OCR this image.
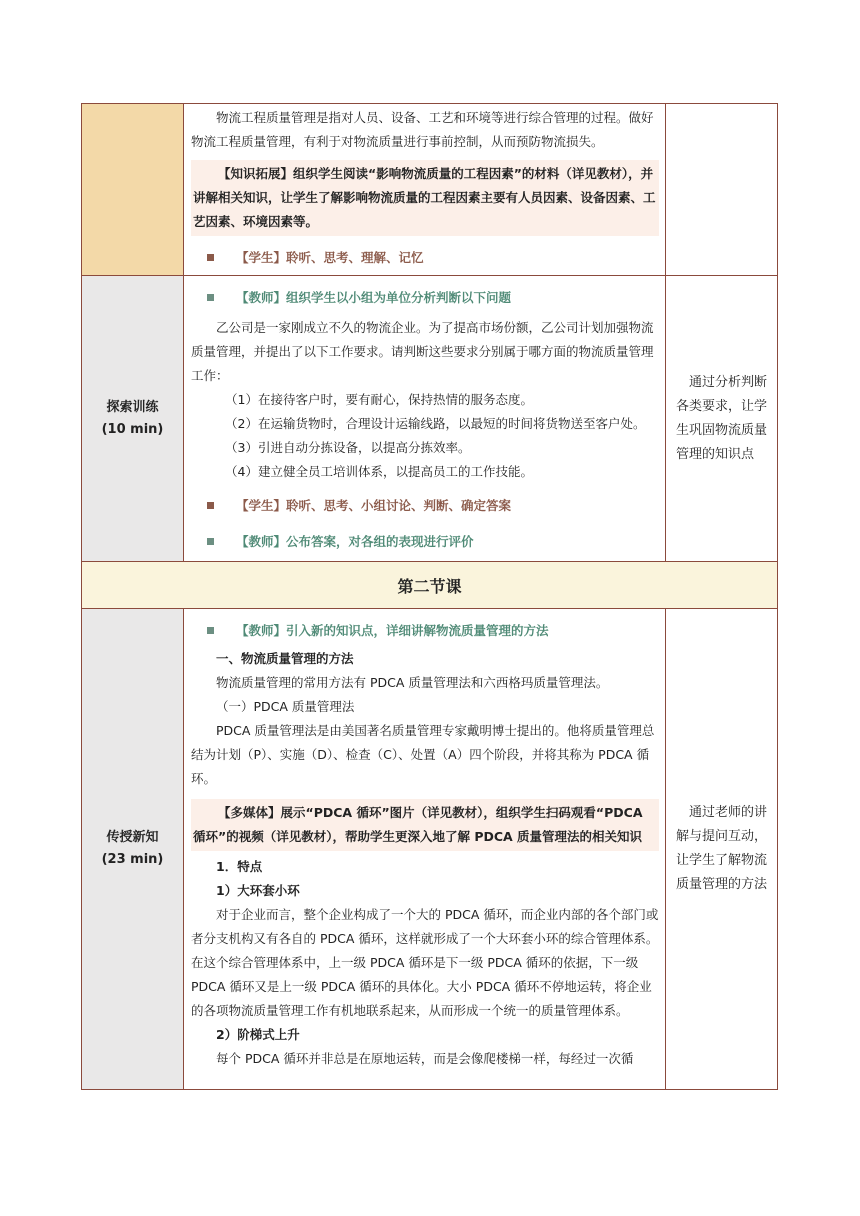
物流工程质量管理是指对人员、设备、工艺和环境等进行综合管理的过程。做好物流工程质量管理，有利于对物流质量进行事前控制，从而预防物流损失。

【知识拓展】组织学生阅读“影响物流质量的工程因素”的材料（详见教材），并讲解相关知识，让学生了解影响物流质量的工程因素主要有人员因素、设备因素、工艺因素、环境因素等。
【学生】聆听、思考、理解、记忆
探索训练
(10 min)
【教师】组织学生以小组为单位分析判断以下问题

乙公司是一家刚成立不久的物流企业。为了提高市场份额，乙公司计划加强物流质量管理，并提出了以下工作要求。请判断这些要求分别属于哪方面的物流质量管理工作：

（1）在接待客户时，要有耐心，保持热情的服务态度。

（2）在运输货物时，合理设计运输线路，以最短的时间将货物送至客户处。

（3）引进自动分拣设备，以提高分拣效率。

（4）建立健全员工培训体系，以提高员工的工作技能。

【学生】聆听、思考、小组讨论、判断、确定答案
【教师】公布答案，对各组的表现进行评价
通过分析判断各类要求，让学生巩固物流质量管理的知识点
第二节课
传授新知
(23 min)
【教师】引入新的知识点，详细讲解物流质量管理的方法

一、物流质量管理的方法

物流质量管理的常用方法有 PDCA 质量管理法和六西格玛质量管理法。

（一）PDCA 质量管理法

PDCA 质量管理法是由美国著名质量管理专家戴明博士提出的。他将质量管理总结为计划（P）、实施（D）、检查（C）、处置（A）四个阶段，并将其称为 PDCA 循环。

【多媒体】展示“PDCA 循环”图片（详见教材），组织学生扫码观看“PDCA 循环”的视频（详见教材），帮助学生更深入地了解 PDCA 质量管理法的相关知识

1．特点

1）大环套小环

对于企业而言，整个企业构成了一个大的 PDCA 循环，而企业内部的各个部门或者分支机构又有各自的 PDCA 循环，这样就形成了一个大环套小环的综合管理体系。在这个综合管理体系中，上一级 PDCA 循环是下一级 PDCA 循环的依据，下一级 PDCA 循环又是上一级 PDCA 循环的具体化。大小 PDCA 循环不停地运转，将企业的各项物流质量管理工作有机地联系起来，从而形成一个统一的质量管理体系。

2）阶梯式上升

每个 PDCA 循环并非总是在原地运转，而是会像爬楼梯一样，每经过一次循

通过老师的讲解与提问互动，让学生了解物流质量管理的方法
